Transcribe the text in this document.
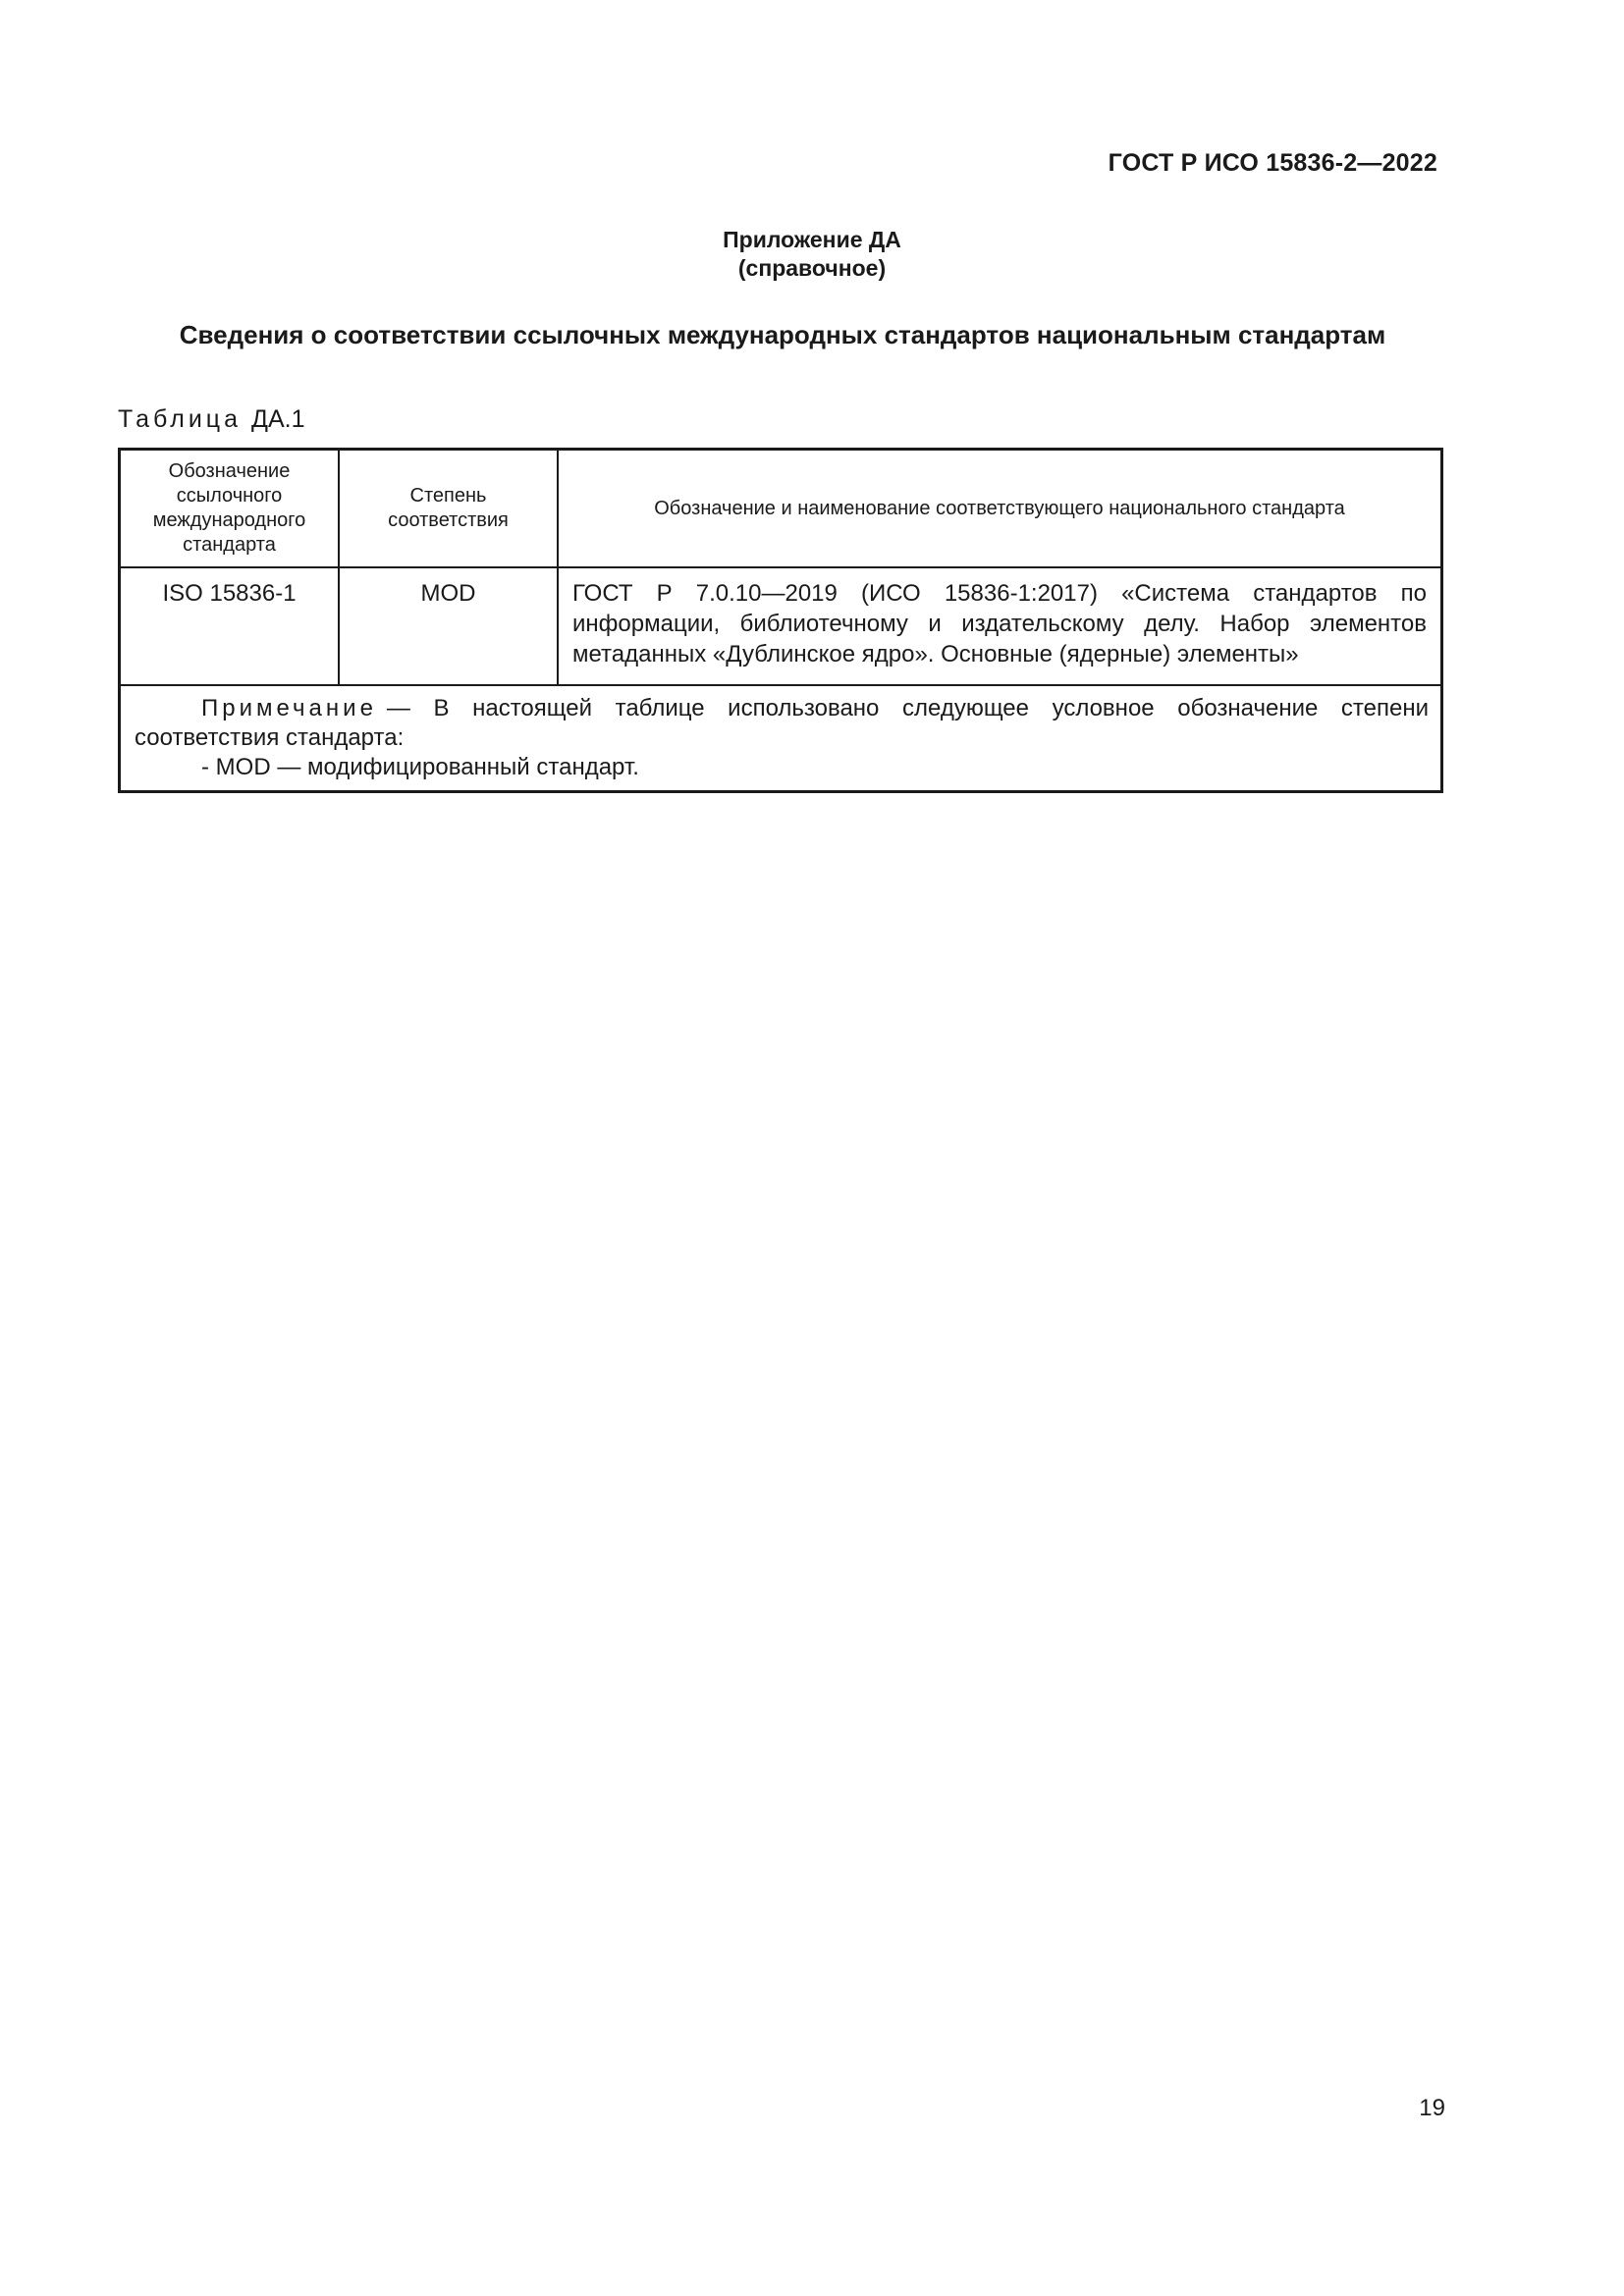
ГОСТ Р ИСО 15836-2—2022
Приложение ДА
(справочное)
Сведения о соответствии ссылочных международных стандартов национальным стандартам
Таблица ДА.1
Обозначение ссылочного международного стандарта	Степень соответствия	Обозначение и наименование соответствующего национального стандарта
ISO 15836-1	MOD	ГОСТ Р 7.0.10—2019 (ИСО 15836-1:2017) «Система стандартов по информации, библиотечному и издательскому делу. Набор элементов метаданных «Дублинское ядро». Основные (ядерные) элементы»

Примечание — В настоящей таблице использовано следующее условное обозначение степени соответствия стандарта:
- MOD — модифицированный стандарт.		
19
